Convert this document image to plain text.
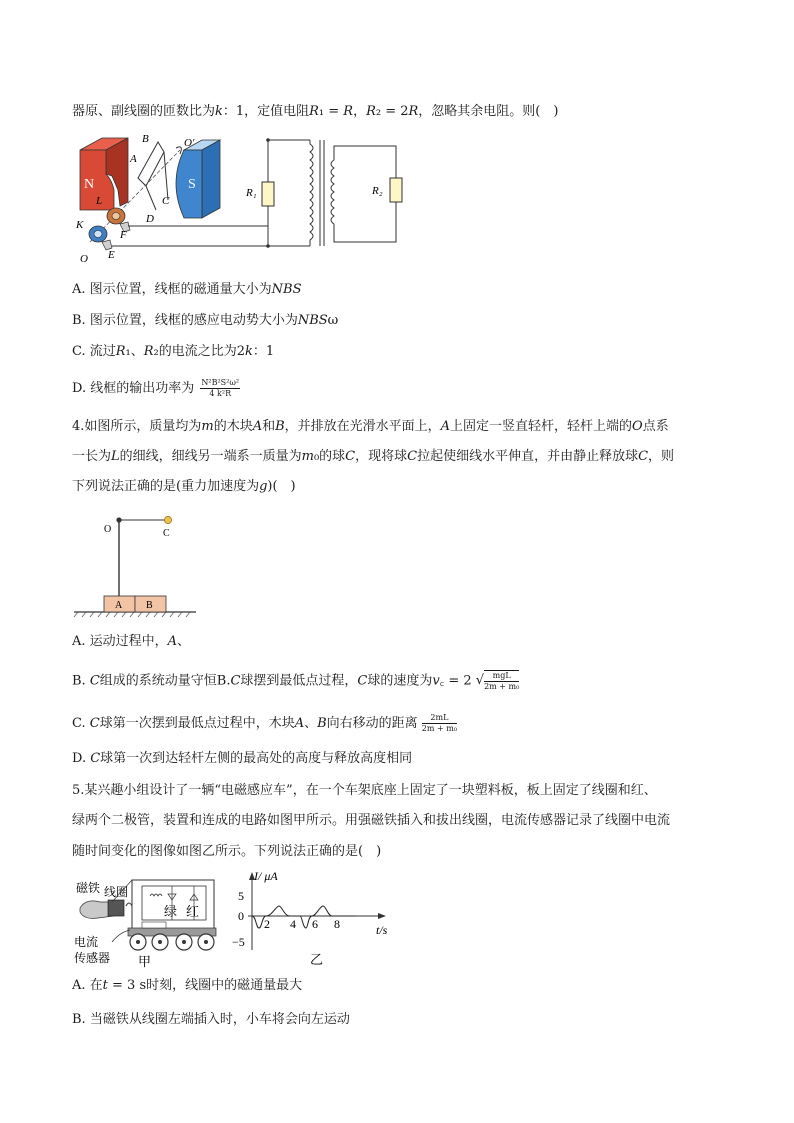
器原、副线圈的匝数比为𝑘：1，定值电阻𝑅₁ = 𝑅，𝑅₂ = 2𝑅，忽略其余电阻。则(　)
N	S
B
A
C
D
O′
L
K
F
O E
R₁	R₂
A. 图示位置，线框的磁通量大小为𝑁𝐵𝑆
B. 图示位置，线框的感应电动势大小为𝑁𝐵𝑆ω
C. 流过𝑅₁、𝑅₂的电流之比为2𝑘：1
D. 线框的输出功率为 $\frac{\text{N²B²S²ω²}}{\text{4 k²R}}$
4.如图所示，质量均为𝑚的木块𝐴和𝐵，并排放在光滑水平面上，𝐴上固定一竖直轻杆，轻杆上端的𝑂点系
一长为𝐿的细线，细线另一端系一质量为𝑚₀的球𝐶，现将球𝐶拉起使细线水平伸直，并由静止释放球𝐶，则
下列说法正确的是(重力加速度为𝑔)(　)
A B
O	C
A. 运动过程中，𝐴、
B. 𝐶组成的系统动量守恒B.𝐶球摆到最低点过程，𝐶球的速度为𝑣꜀ = 2 √	mgL
2m + m₀
C. 𝐶球第一次摆到最低点过程中，木块𝐴、𝐵向右移动的距离 $\frac{2mL}{\text{2m + m₀}}$
D. 𝐶球第一次到达轻杆左侧的最高处的高度与释放高度相同
5.某兴趣小组设计了一辆“电磁感应车”，在一个车架底座上固定了一块塑料板，板上固定了线圈和红、
绿两个二极管，装置和连成的电路如图甲所示。用强磁铁插入和拔出线圈，电流传感器记录了线圈中电流
随时间变化的图像如图乙所示。下列说法正确的是(　)
磁铁 线圈
绿 红
电流
传感器 甲
I/ μA
t/s
5
0
−5
2 4 6 8
乙
A. 在𝑡 = 3 s时刻，线圈中的磁通量最大
B. 当磁铁从线圈左端插入时，小车将会向左运动
